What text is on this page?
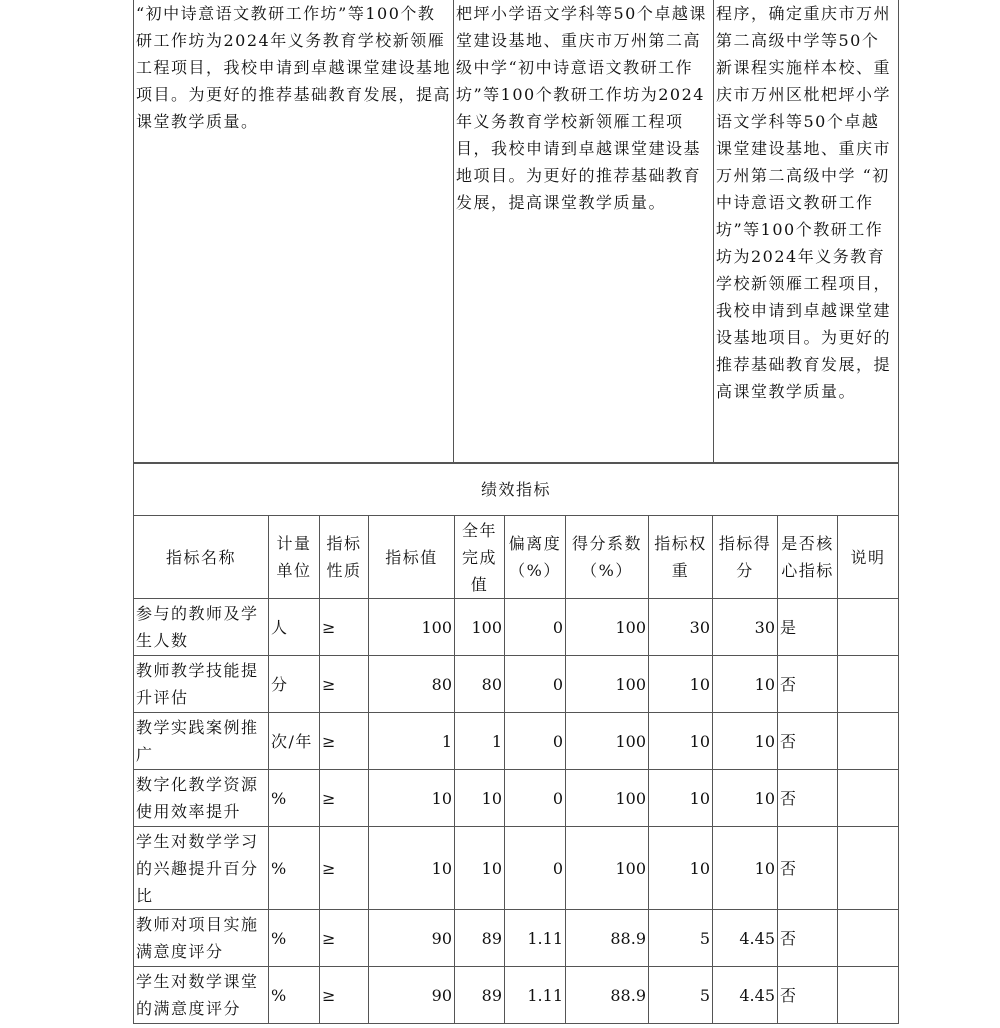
“初中诗意语文教研工作坊”等100个教研工作坊为2024年义务教育学校新领雁工程项目，我校申请到卓越课堂建设基地项目。为更好的推荐基础教育发展，提高课堂教学质量。	杷坪小学语文学科等50个卓越课堂建设基地、重庆市万州第二高级中学“初中诗意语文教研工作坊”等100个教研工作坊为2024年义务教育学校新领雁工程项目，我校申请到卓越课堂建设基地项目。为更好的推荐基础教育发展，提高课堂教学质量。	程序，确定重庆市万州第二高级中学等50个新课程实施样本校、重庆市万州区枇杷坪小学语文学科等50个卓越课堂建设基地、重庆市万州第二高级中学 “初中诗意语文教研工作坊”等100个教研工作坊为2024年义务教育学校新领雁工程项目，我校申请到卓越课堂建设基地项目。为更好的推荐基础教育发展，提高课堂教学质量。
绩效指标										
指标名称	计量单位	指标性质	指标值	全年完成值	偏离度（%）	得分系数（%）	指标权重	指标得分	是否核心指标	说明
参与的教师及学生人数	人	≥	100	100	0	100	30	30	是	
教师教学技能提升评估	分	≥	80	80	0	100	10	10	否	
教学实践案例推广	次/年	≥	1	1	0	100	10	10	否	
数字化教学资源使用效率提升	%	≥	10	10	0	100	10	10	否	
学生对数学学习的兴趣提升百分比	%	≥	10	10	0	100	10	10	否	
教师对项目实施满意度评分	%	≥	90	89	1.11	88.9	5	4.45	否	
学生对数学课堂的满意度评分	%	≥	90	89	1.11	88.9	5	4.45	否	
